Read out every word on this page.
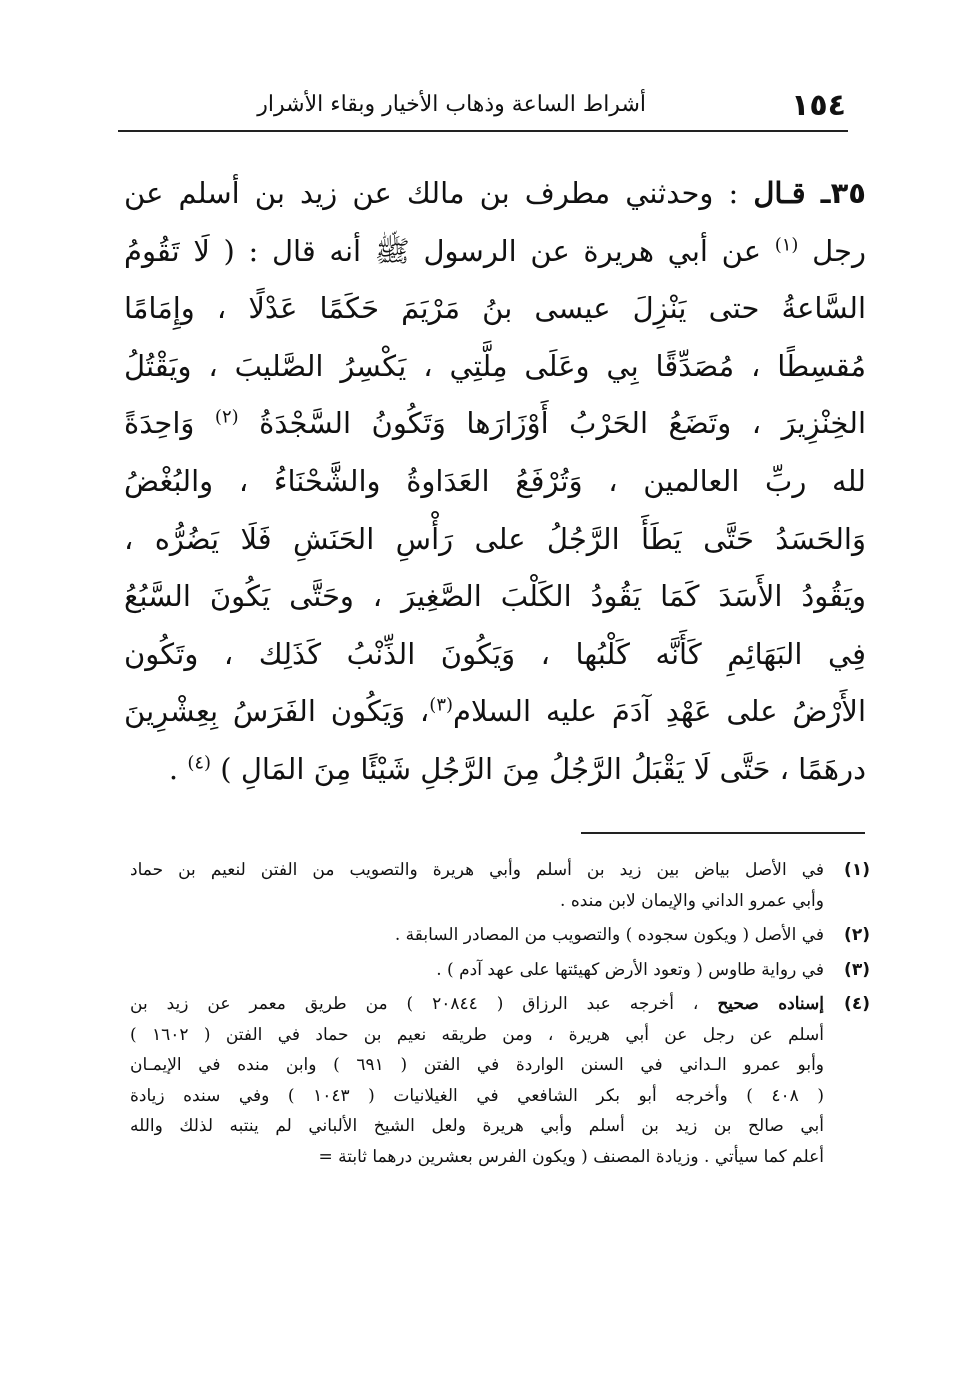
١٥٤
أشراط الساعة وذهاب الأخيار وبقاء الأشرار
٣٥ـ قـال : وحدثني مطرف بن مالك عن زيد بن أسلم عن
رجل $^{(١)}$ عن أبي هريرة عن الرسول ﷺ أنه قال : ( لَا تَقُومُ
السَّاعةُ حتى يَنْزِلَ عيسى بنُ مَرْيَمَ حَكَمًا عَدْلًا ، وإِمَامًا
مُقسِطًا ، مُصَدِّقًا بِي وعَلَى مِلَّتِي ، يَكْسِرُ الصَّليبَ ، ويَقْتُلُ
الخِنْزِيرَ ، وتَضَعُ الحَرْبُ أَوْزَارَها وَتَكُونُ السَّجْدَةُ $^{(٢)}$ وَاحِدَةً
لله ربِّ العالمين ، وَتُرْفَعُ العَدَاوةُ والشَّحْنَاءُ ، والبُغْضُ
وَالحَسَدُ حَتَّى يَطَأَ الرَّجُلُ على رَأْسِ الحَنَشِ فَلَا يَضُرُّه ،
ويَقُودُ الأَسَدَ كَمَا يَقُودُ الكَلْبَ الصَّغِيرَ ، وحَتَّى يَكُونَ السَّبُعُ
فِي البَهَائِمِ كَأَنَّه كَلْبُها ، وَيَكُونَ الذِّنْبُ كَذَلِك ، وتَكُون
الأَرْضُ على عَهْدِ آدَمَ عليه السلام$^{(٣)}$، وَيَكُون الفَرَسُ بِعِشْرِينَ
درهَمًا ، حَتَّى لَا يَقْبَلُ الرَّجُلُ مِنَ الرَّجُلِ شَيْئًا مِنَ المَالِ ) $^{(٤)}$ .
(١)
في الأصل بياض بين زيد بن أسلم وأبي هريرة والتصويب من الفتن لنعيم بن حماد
وأبي عمرو الداني والإيمان لابن منده .
(٢)
في الأصل ( ويكون سجوده ) والتصويب من المصادر السابقة .
(٣)
في رواية طاوس ( وتعود الأرض كهيئتها على عهد آدم ) .
(٤)
إسناده صحيح ، أخرجه عبد الرزاق ( ٢٠٨٤٤ ) من طريق معمر عن زيد بن
أسلم عن رجل عن أبي هريرة ، ومن طريقه نعيم بن حماد في الفتن ( ١٦٠٢ )
وأبو عمرو الـداني في السنن الواردة في الفتن ( ٦٩١ ) وابن منده في الإيمـان
( ٤٠٨ ) وأخرجه أبو بكر الشافعي في الغيلانيات ( ١٠٤٣ ) وفي سنده زيادة
أبي صالح بن زيد بن أسلم وأبي هريرة ولعل الشيخ الألباني لم ينتبه لذلك والله
أعلم كما سيأتي . وزيادة المصنف ( ويكون الفرس بعشرين درهما ثابتة =
